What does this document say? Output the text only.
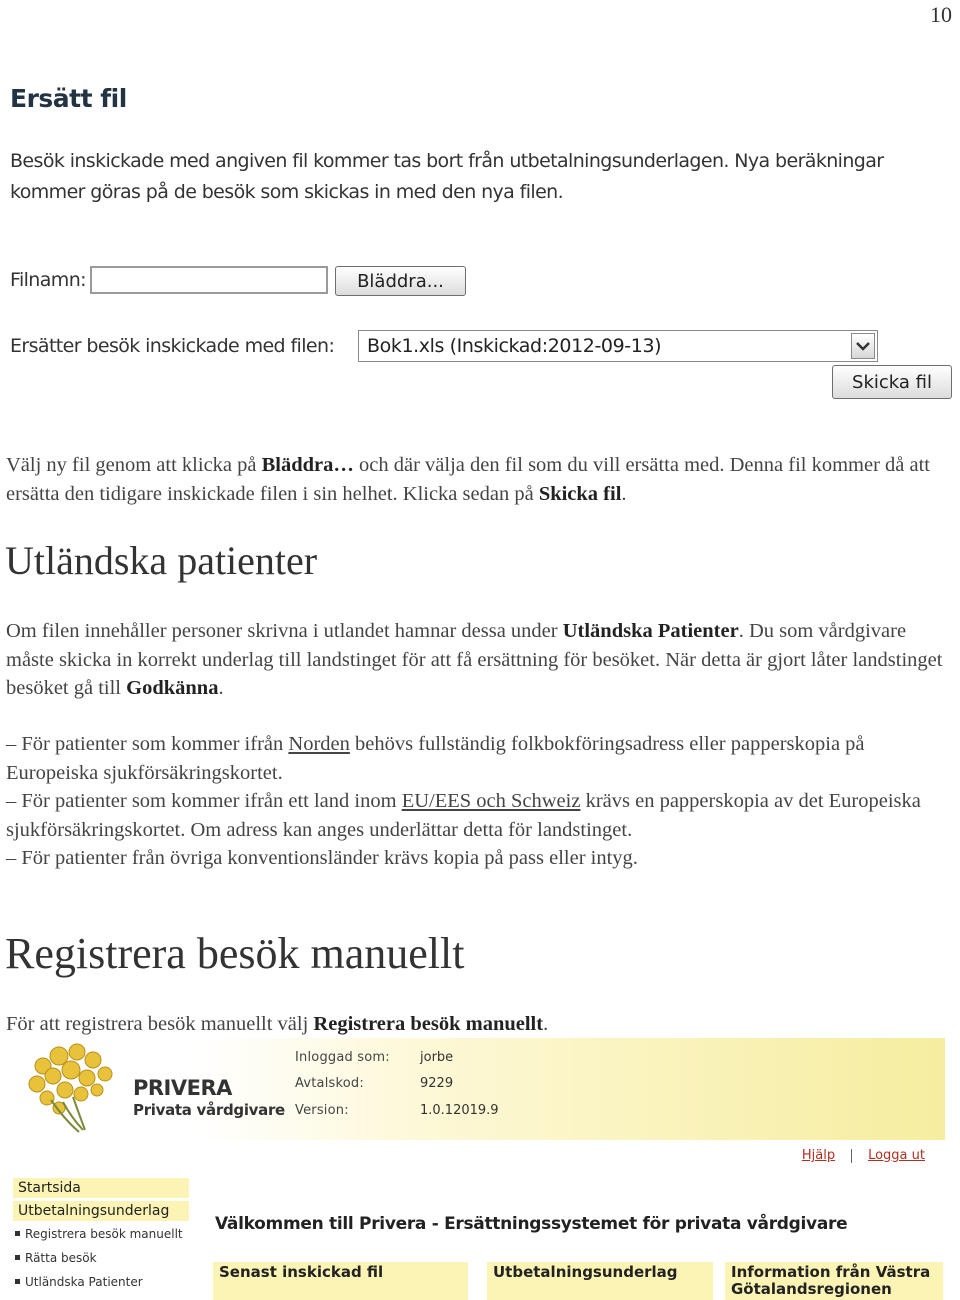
10
Ersätt fil
Besök inskickade med angiven fil kommer tas bort från utbetalningsunderlagen. Nya beräkningar kommer göras på de besök som skickas in med den nya filen.
Filnamn:	Bläddra...
Ersätter besök inskickade med filen:	Bok1.xls (Inskickad:2012-09-13)
Skicka fil
Välj ny fil genom att klicka på Bläddra… och där välja den fil som du vill ersätta med. Denna fil kommer då att ersätta den tidigare inskickade filen i sin helhet. Klicka sedan på Skicka fil.
Utländska patienter
Om filen innehåller personer skrivna i utlandet hamnar dessa under Utländska Patienter. Du som vårdgivare måste skicka in korrekt underlag till landstinget för att få ersättning för besöket. När detta är gjort låter landstinget besöket gå till Godkänna.
– För patienter som kommer ifrån Norden behövs fullständig folkbokföringsadress eller papperskopia på Europeiska sjukförsäkringskortet.
– För patienter som kommer ifrån ett land inom EU/EES och Schweiz krävs en papperskopia av det Europeiska sjukförsäkringskortet. Om adress kan anges underlättar detta för landstinget.
– För patienter från övriga konventionsländer krävs kopia på pass eller intyg.
Registrera besök manuellt
För att registrera besök manuellt välj Registrera besök manuellt.
PRIVERA
Privata vårdgivare
Inloggad som: jorbe
Avtalskod:	9229
Version:	1.0.12019.9
Hjälp	Logga ut
Startsida
Utbetalningsunderlag
Registrera besök manuellt
Rätta besök
Utländska Patienter
Välkommen till Privera - Ersättningssystemet för privata vårdgivare
Senast inskickad fil	Utbetalningsunderlag	Information från Västra Götalandsregionen
